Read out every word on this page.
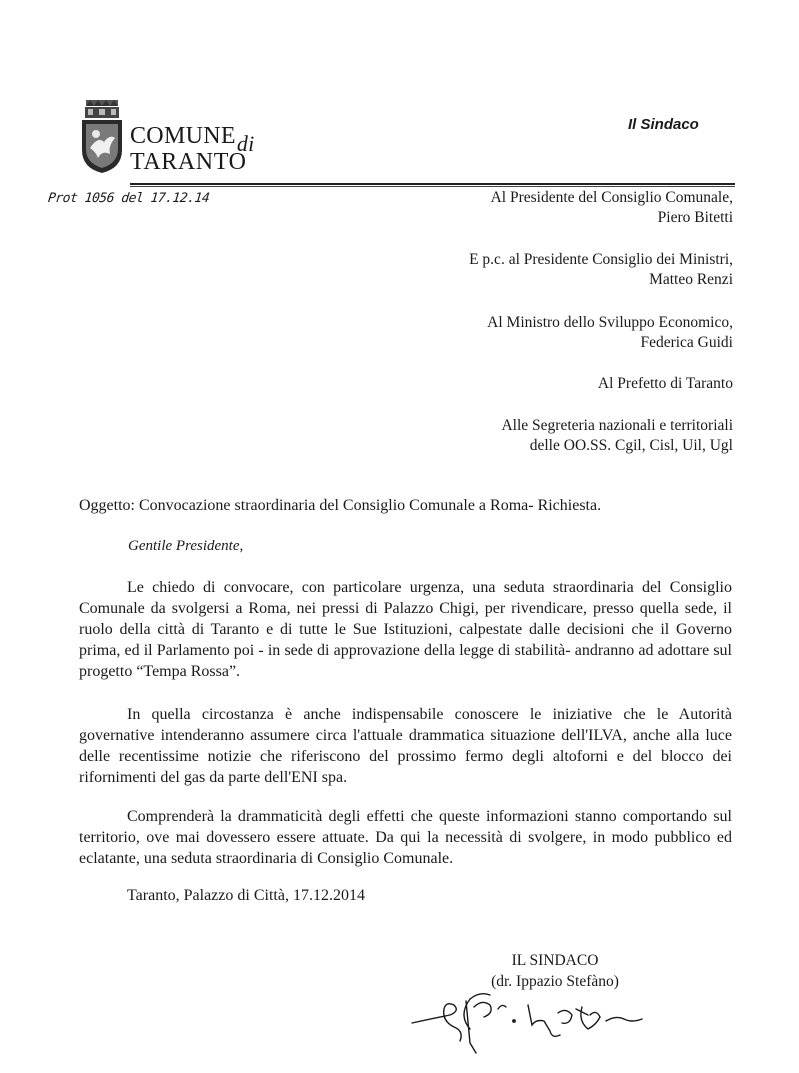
COMUNEdi
TARANTO
Il Sindaco
Prot 1056 del 17.12.14	Al Presidente del Consiglio Comunale,
Piero Bitetti
E p.c. al Presidente Consiglio dei Ministri,
Matteo Renzi
Al Ministro dello Sviluppo Economico,
Federica Guidi
Al Prefetto di Taranto
Alle Segreteria nazionali e territoriali
delle OO.SS. Cgil, Cisl, Uil, Ugl
Oggetto: Convocazione straordinaria del Consiglio Comunale a Roma- Richiesta.
Gentile Presidente,

Le chiedo di convocare, con particolare urgenza, una seduta straordinaria del Consiglio Comunale da svolgersi a Roma, nei pressi di Palazzo Chigi, per rivendicare, presso quella sede, il ruolo della città di Taranto e di tutte le Sue Istituzioni, calpestate dalle decisioni che il Governo prima, ed il Parlamento poi - in sede di approvazione della legge di stabilità- andranno ad adottare sul progetto “Tempa Rossa”.

In quella circostanza è anche indispensabile conoscere le iniziative che le Autorità governative intenderanno assumere circa l'attuale drammatica situazione dell'ILVA, anche alla luce delle recentissime notizie che riferiscono del prossimo fermo degli altoforni e del blocco dei rifornimenti del gas da parte dell'ENI spa.

Comprenderà la drammaticità degli effetti che queste informazioni stanno comportando sul territorio, ove mai dovessero essere attuate. Da qui la necessità di svolgere, in modo pubblico ed eclatante, una seduta straordinaria di Consiglio Comunale.

Taranto, Palazzo di Città, 17.12.2014
IL SINDACO
(dr. Ippazio Stefàno)
